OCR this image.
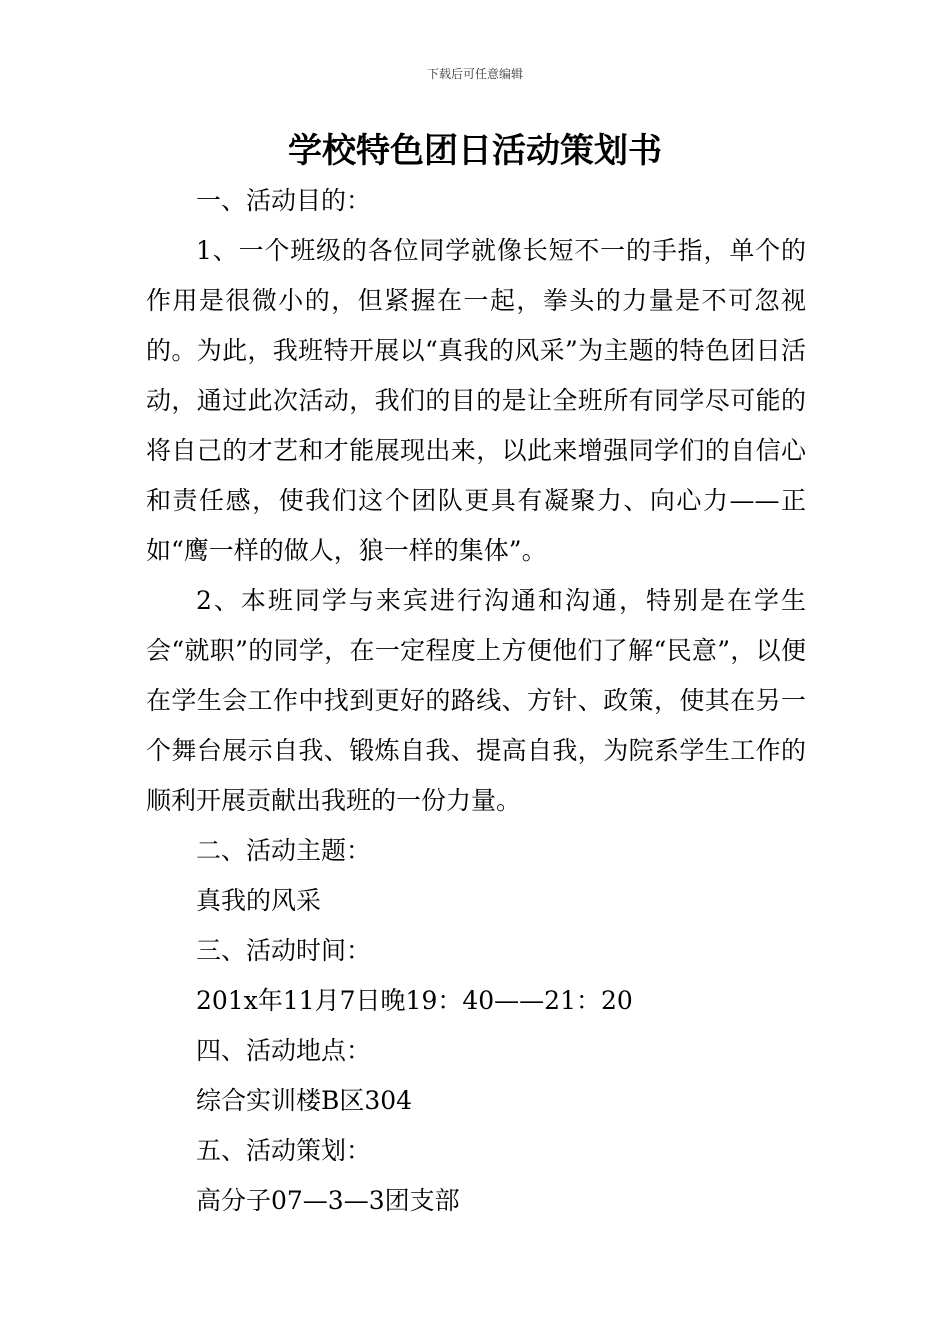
下载后可任意编辑
学校特色团日活动策划书

一、活动目的：

1、一个班级的各位同学就像长短不一的手指，单个的作用是很微小的，但紧握在一起，拳头的力量是不可忽视的。为此，我班特开展以“真我的风采”为主题的特色团日活动，通过此次活动，我们的目的是让全班所有同学尽可能的将自己的才艺和才能展现出来，以此来增强同学们的自信心和责任感，使我们这个团队更具有凝聚力、向心力——正如“鹰一样的做人，狼一样的集体”。

2、本班同学与来宾进行沟通和沟通，特别是在学生会“就职”的同学，在一定程度上方便他们了解“民意”，以便在学生会工作中找到更好的路线、方针、政策，使其在另一个舞台展示自我、锻炼自我、提高自我，为院系学生工作的顺利开展贡献出我班的一份力量。

二、活动主题：

真我的风采

三、活动时间：

201x年11月7日晚19：40——21：20

四、活动地点：

综合实训楼B区304

五、活动策划：

高分子07—3—3团支部
